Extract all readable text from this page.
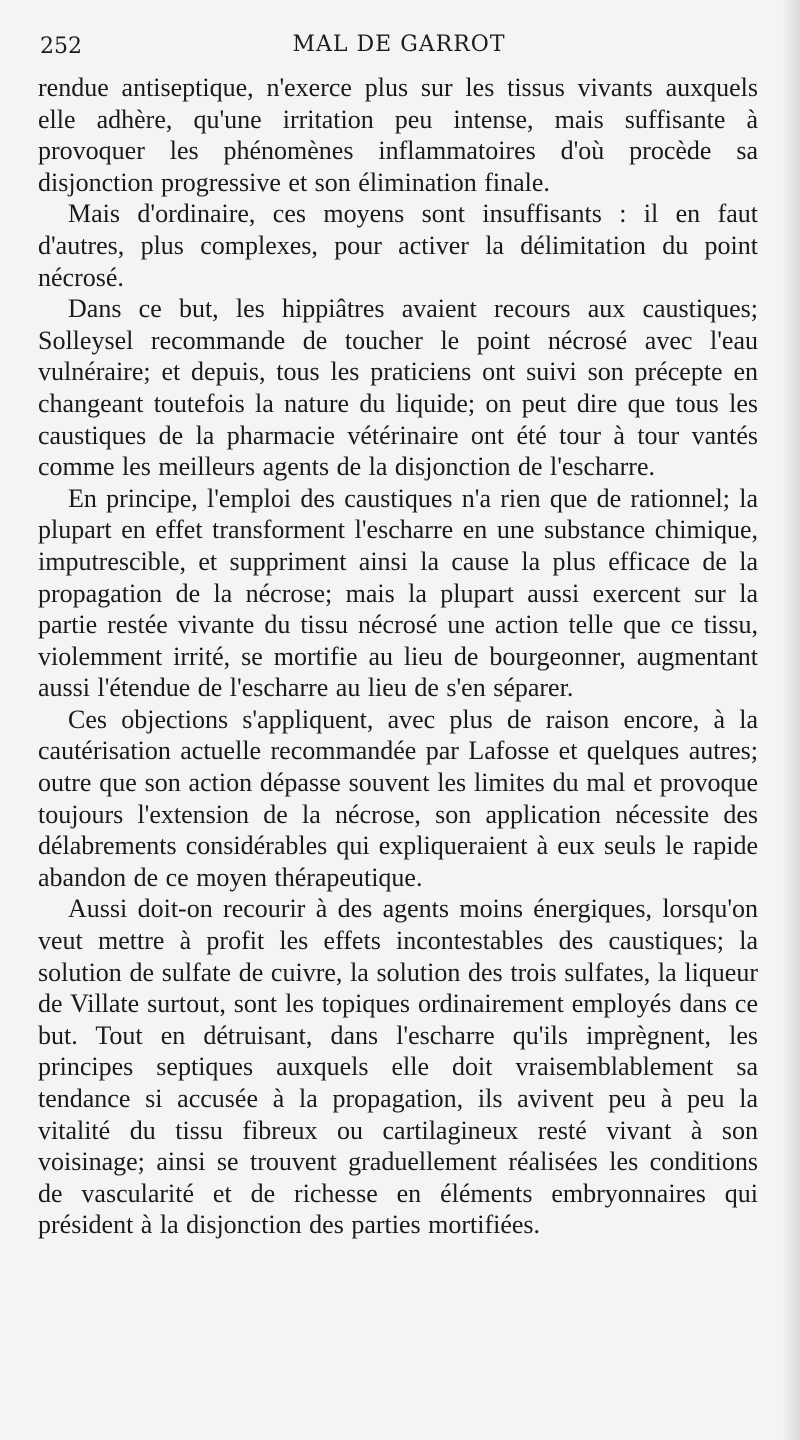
252	MAL DE GARROT

rendue antiseptique, n'exerce plus sur les tissus vivants auxquels elle adhère, qu'une irritation peu intense, mais suffisante à provoquer les phénomènes inflammatoires d'où procède sa disjonction progressive et son élimination finale.

Mais d'ordinaire, ces moyens sont insuffisants : il en faut d'autres, plus complexes, pour activer la délimitation du point nécrosé.

Dans ce but, les hippiâtres avaient recours aux caustiques; Solleysel recommande de toucher le point nécrosé avec l'eau vulnéraire; et depuis, tous les praticiens ont suivi son précepte en changeant toutefois la nature du liquide; on peut dire que tous les caustiques de la pharmacie vétérinaire ont été tour à tour vantés comme les meilleurs agents de la disjonction de l'escharre.

En principe, l'emploi des caustiques n'a rien que de rationnel; la plupart en effet transforment l'escharre en une substance chimique, imputrescible, et suppriment ainsi la cause la plus efficace de la propagation de la nécrose; mais la plupart aussi exercent sur la partie restée vivante du tissu nécrosé une action telle que ce tissu, violemment irrité, se mortifie au lieu de bourgeonner, augmentant aussi l'étendue de l'escharre au lieu de s'en séparer.

Ces objections s'appliquent, avec plus de raison encore, à la cautérisation actuelle recommandée par Lafosse et quelques autres; outre que son action dépasse souvent les limites du mal et provoque toujours l'extension de la nécrose, son application nécessite des délabrements considérables qui expliqueraient à eux seuls le rapide abandon de ce moyen thérapeutique.

Aussi doit-on recourir à des agents moins énergiques, lorsqu'on veut mettre à profit les effets incontestables des caustiques; la solution de sulfate de cuivre, la solution des trois sulfates, la liqueur de Villate surtout, sont les topiques ordinairement employés dans ce but. Tout en détruisant, dans l'escharre qu'ils imprègnent, les principes septiques auxquels elle doit vraisemblablement sa tendance si accusée à la propagation, ils avivent peu à peu la vitalité du tissu fibreux ou cartilagineux resté vivant à son voisinage; ainsi se trouvent graduellement réalisées les conditions de vascularité et de richesse en éléments embryonnaires qui président à la disjonction des parties mortifiées.
